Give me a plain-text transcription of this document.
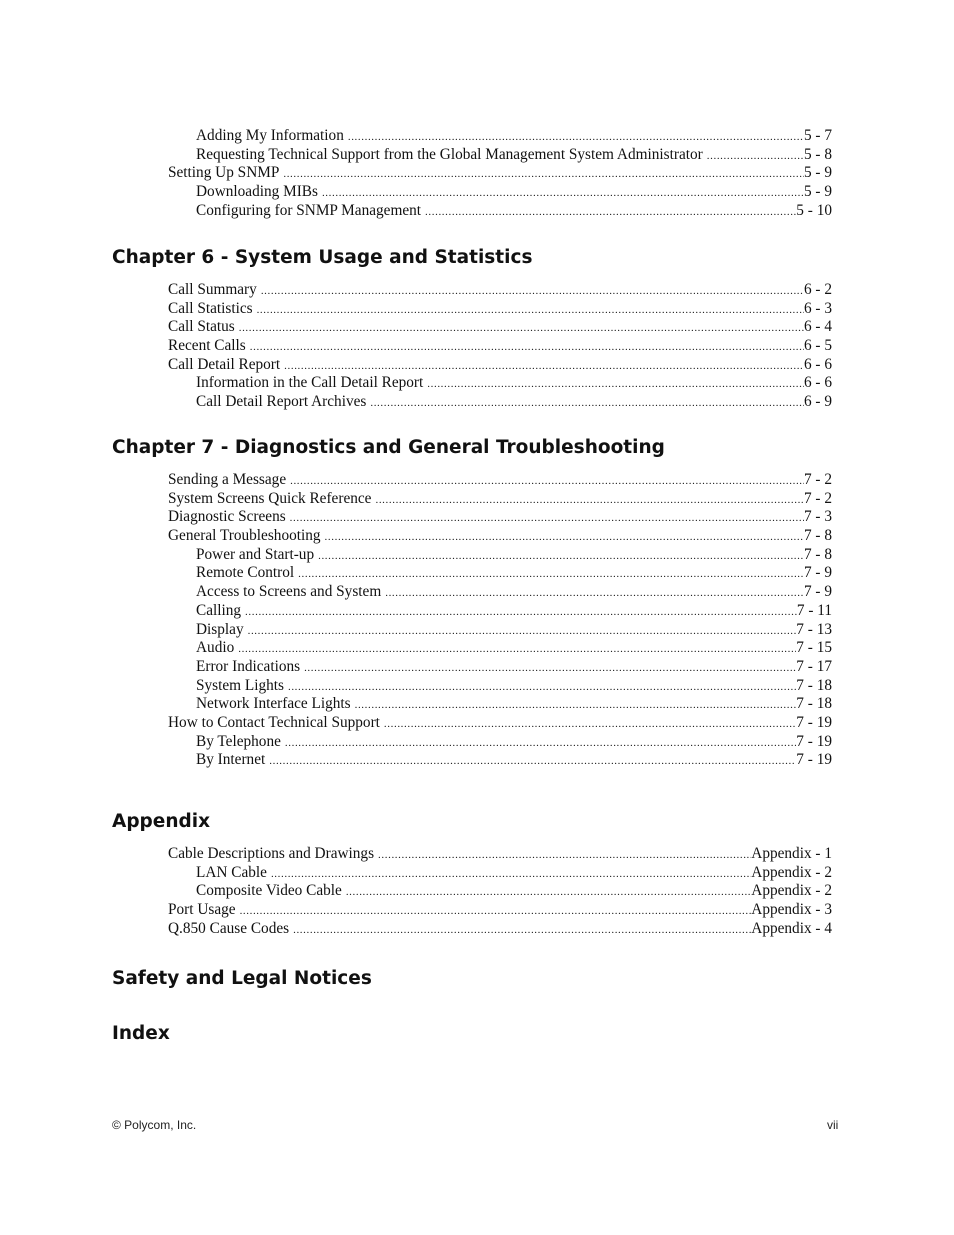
Adding My Information .....	5 - 7
Requesting Technical Support from the Global Management System Administrator .....	5 - 8
Setting Up SNMP .....	5 - 9
Downloading MIBs .....	5 - 9
Configuring for SNMP Management .....	5 - 10
Chapter 6 - System Usage and Statistics
Call Summary .....	6 - 2
Call Statistics .....	6 - 3
Call Status .....	6 - 4
Recent Calls .....	6 - 5
Call Detail Report .....	6 - 6
Information in the Call Detail Report .....	6 - 6
Call Detail Report Archives .....	6 - 9
Chapter 7 - Diagnostics and General Troubleshooting
Sending a Message .....	7 - 2
System Screens Quick Reference .....	7 - 2
Diagnostic Screens .....	7 - 3
General Troubleshooting .....	7 - 8
Power and Start-up .....	7 - 8
Remote Control .....	7 - 9
Access to Screens and System .....	7 - 9
Calling .....	7 - 11
Display .....	7 - 13
Audio .....	7 - 15
Error Indications .....	7 - 17
System Lights .....	7 - 18
Network Interface Lights .....	7 - 18
How to Contact Technical Support .....	7 - 19
By Telephone .....	7 - 19
By Internet .....	7 - 19
Appendix
Cable Descriptions and Drawings .....	Appendix - 1
LAN Cable .....	Appendix - 2
Composite Video Cable .....	Appendix - 2
Port Usage .....	Appendix - 3
Q.850 Cause Codes .....	Appendix - 4
Safety and Legal Notices
Index
© Polycom, Inc.	vii
